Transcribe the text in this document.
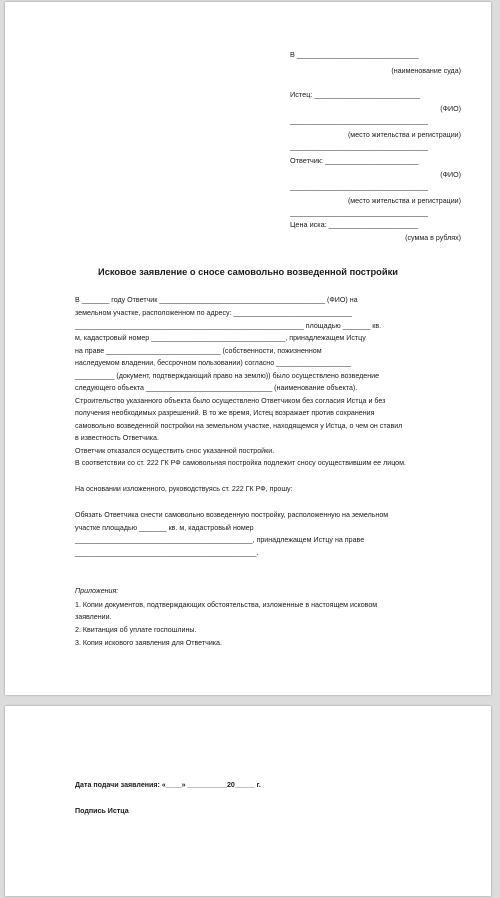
В ______________________________
(наименование суда)
Истец: __________________________
(ФИО)
__________________________________
(место жительства и регистрации)
__________________________________
Ответчик: _______________________
(ФИО)
__________________________________
(место жительства и регистрации)
__________________________________
Цена иска: ______________________
(сумма в рублях)
Исковое заявление о сносе самовольно возведенной постройки
В _______ году Ответчик __________________________________________ (ФИО) на
земельном участке, расположенном по адресу: ______________________________
__________________________________________________________ площадью _______ кв.
м, кадастровый номер __________________________________, принадлежащем Истцу
на праве _____________________________ (собственности, пожизненном
наследуемом владении, бессрочном пользовании) согласно ___________________
__________ (документ, подтверждающий право на землю)) было осуществлено возведение
следующего объекта ________________________________ (наименование объекта).
Строительство указанного объекта было осуществлено Ответчиком без согласия Истца и без
получения необходимых разрешений. В то же время, Истец возражает против сохранения
самовольно возведенной постройки на земельном участке, находящемся у Истца, о чем он ставил
в известность Ответчика.
Ответчик отказался осуществить снос указанной постройки.
В соответствии со ст. 222 ГК РФ самовольная постройка подлежит сносу осуществившим ее лицом.
На основании изложенного, руководствуясь ст. 222 ГК РФ, прошу:
Обязать Ответчика снести самовольно возведенную постройку, расположенную на земельном
участке площадью _______ кв. м, кадастровый номер
_____________________________________________, принадлежащем Истцу на праве
______________________________________________.
Приложения:
1. Копии документов, подтверждающих обстоятельства, изложенные в настоящем исковом
заявлении.
2. Квитанция об уплате госпошлины.
3. Копия искового заявления для Ответчика.
Дата подачи заявления: «____» __________20_____ г.
Подпись Истца
